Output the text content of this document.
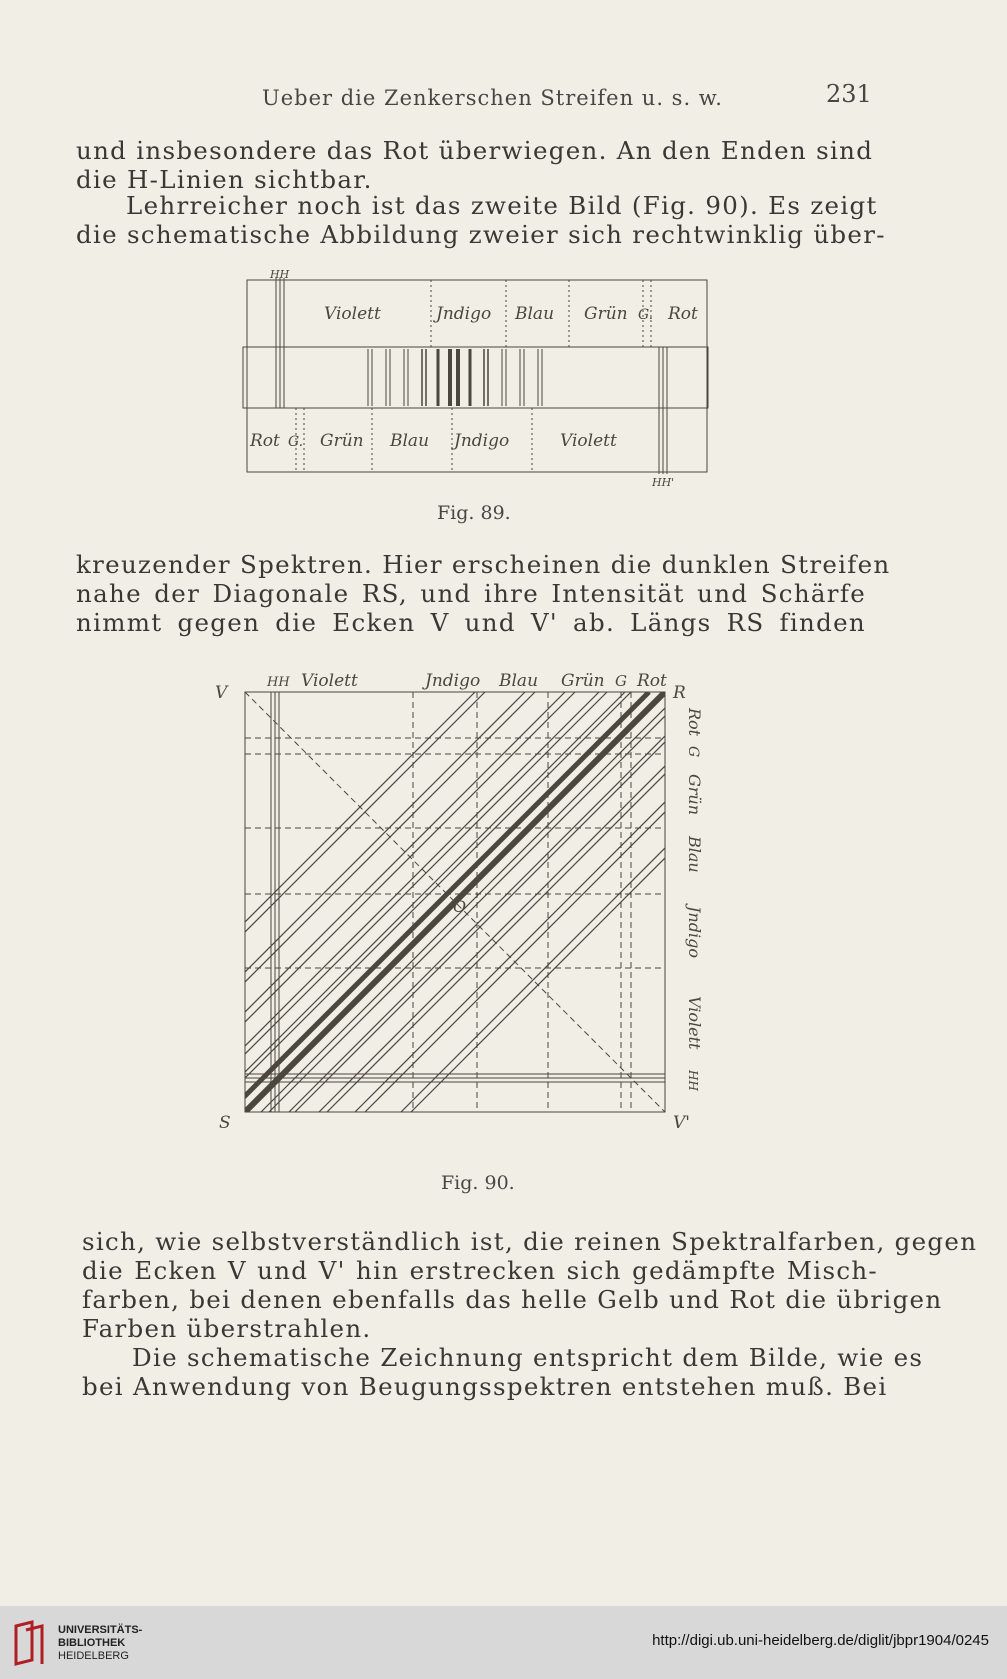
Ueber die Zenkerschen Streifen u. s. w.	231
und insbesondere das Rot überwiegen. An den Enden sind
die H-Linien sichtbar.
Lehrreicher noch ist das zweite Bild (Fig. 90). Es zeigt
die schematische Abbildung zweier sich rechtwinklig über-
HH
Violett	Jndigo Blau Grün G. Rot
Rot G. Grün Blau Jndigo	Violett
HH'
Fig. 89.
kreuzender Spektren. Hier erscheinen die dunklen Streifen
nahe der Diagonale RS, und ihre Intensität und Schärfe
nimmt gegen die Ecken V und V' ab. Längs RS finden
V	R
S	V'
O
HH Violett	Jndigo Blau Grün G Rot
Rot
G
Grün
Blau
Jndigo
Violett
HH
Fig. 90.
sich, wie selbstverständlich ist, die reinen Spektralfarben, gegen
die Ecken V und V' hin erstrecken sich gedämpfte Misch-
farben, bei denen ebenfalls das helle Gelb und Rot die übrigen
Farben überstrahlen.
Die schematische Zeichnung entspricht dem Bilde, wie es
bei Anwendung von Beugungsspektren entstehen muß. Bei
UNIVERSITÄTS-
BIBLIOTHEK
HEIDELBERG
http://digi.ub.uni-heidelberg.de/diglit/jbpr1904/0245
